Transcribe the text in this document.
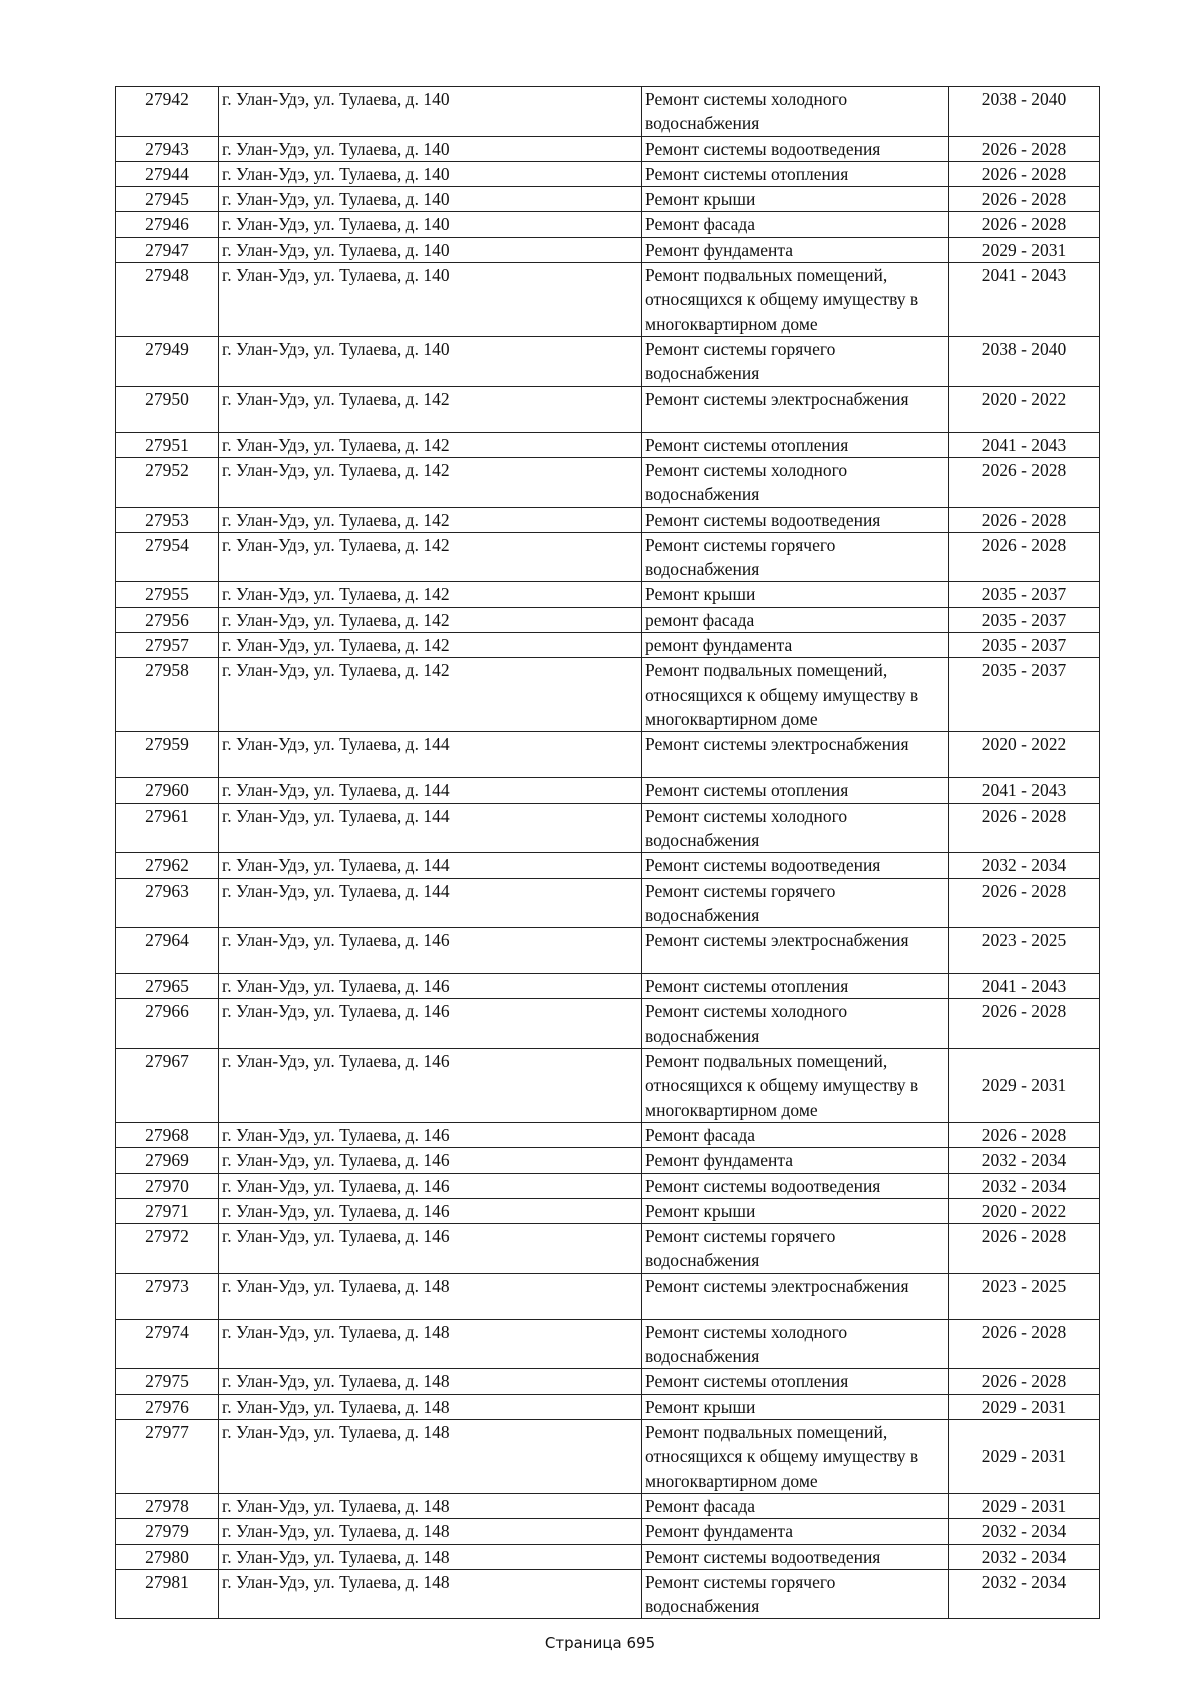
27942	г. Улан-Удэ, ул. Тулаева, д. 140	Ремонт системы холодного водоснабжения	2038 - 2040
27943	г. Улан-Удэ, ул. Тулаева, д. 140	Ремонт системы водоотведения	2026 - 2028
27944	г. Улан-Удэ, ул. Тулаева, д. 140	Ремонт системы отопления	2026 - 2028
27945	г. Улан-Удэ, ул. Тулаева, д. 140	Ремонт крыши	2026 - 2028
27946	г. Улан-Удэ, ул. Тулаева, д. 140	Ремонт фасада	2026 - 2028
27947	г. Улан-Удэ, ул. Тулаева, д. 140	Ремонт фундамента	2029 - 2031
27948	г. Улан-Удэ, ул. Тулаева, д. 140	Ремонт подвальных помещений, относящихся к общему имуществу в многоквартирном доме	2041 - 2043
27949	г. Улан-Удэ, ул. Тулаева, д. 140	Ремонт системы горячего водоснабжения	2038 - 2040
27950	г. Улан-Удэ, ул. Тулаева, д. 142	Ремонт системы электроснабжения	2020 - 2022
27951	г. Улан-Удэ, ул. Тулаева, д. 142	Ремонт системы отопления	2041 - 2043
27952	г. Улан-Удэ, ул. Тулаева, д. 142	Ремонт системы холодного водоснабжения	2026 - 2028
27953	г. Улан-Удэ, ул. Тулаева, д. 142	Ремонт системы водоотведения	2026 - 2028
27954	г. Улан-Удэ, ул. Тулаева, д. 142	Ремонт системы горячего водоснабжения	2026 - 2028
27955	г. Улан-Удэ, ул. Тулаева, д. 142	Ремонт крыши	2035 - 2037
27956	г. Улан-Удэ, ул. Тулаева, д. 142	ремонт фасада	2035 - 2037
27957	г. Улан-Удэ, ул. Тулаева, д. 142	ремонт фундамента	2035 - 2037
27958	г. Улан-Удэ, ул. Тулаева, д. 142	Ремонт подвальных помещений, относящихся к общему имуществу в многоквартирном доме	2035 - 2037
27959	г. Улан-Удэ, ул. Тулаева, д. 144	Ремонт системы электроснабжения	2020 - 2022
27960	г. Улан-Удэ, ул. Тулаева, д. 144	Ремонт системы отопления	2041 - 2043
27961	г. Улан-Удэ, ул. Тулаева, д. 144	Ремонт системы холодного водоснабжения	2026 - 2028
27962	г. Улан-Удэ, ул. Тулаева, д. 144	Ремонт системы водоотведения	2032 - 2034
27963	г. Улан-Удэ, ул. Тулаева, д. 144	Ремонт системы горячего водоснабжения	2026 - 2028
27964	г. Улан-Удэ, ул. Тулаева, д. 146	Ремонт системы электроснабжения	2023 - 2025
27965	г. Улан-Удэ, ул. Тулаева, д. 146	Ремонт системы отопления	2041 - 2043
27966	г. Улан-Удэ, ул. Тулаева, д. 146	Ремонт системы холодного водоснабжения	2026 - 2028
27967	г. Улан-Удэ, ул. Тулаева, д. 146	Ремонт подвальных помещений, относящихся к общему имуществу в многоквартирном доме	2029 - 2031
27968	г. Улан-Удэ, ул. Тулаева, д. 146	Ремонт фасада	2026 - 2028
27969	г. Улан-Удэ, ул. Тулаева, д. 146	Ремонт фундамента	2032 - 2034
27970	г. Улан-Удэ, ул. Тулаева, д. 146	Ремонт системы водоотведения	2032 - 2034
27971	г. Улан-Удэ, ул. Тулаева, д. 146	Ремонт крыши	2020 - 2022
27972	г. Улан-Удэ, ул. Тулаева, д. 146	Ремонт системы горячего водоснабжения	2026 - 2028
27973	г. Улан-Удэ, ул. Тулаева, д. 148	Ремонт системы электроснабжения	2023 - 2025
27974	г. Улан-Удэ, ул. Тулаева, д. 148	Ремонт системы холодного водоснабжения	2026 - 2028
27975	г. Улан-Удэ, ул. Тулаева, д. 148	Ремонт системы отопления	2026 - 2028
27976	г. Улан-Удэ, ул. Тулаева, д. 148	Ремонт крыши	2029 - 2031
27977	г. Улан-Удэ, ул. Тулаева, д. 148	Ремонт подвальных помещений, относящихся к общему имуществу в многоквартирном доме	2029 - 2031
27978	г. Улан-Удэ, ул. Тулаева, д. 148	Ремонт фасада	2029 - 2031
27979	г. Улан-Удэ, ул. Тулаева, д. 148	Ремонт фундамента	2032 - 2034
27980	г. Улан-Удэ, ул. Тулаева, д. 148	Ремонт системы водоотведения	2032 - 2034
27981	г. Улан-Удэ, ул. Тулаева, д. 148	Ремонт системы горячего водоснабжения	2032 - 2034
Страница 695
